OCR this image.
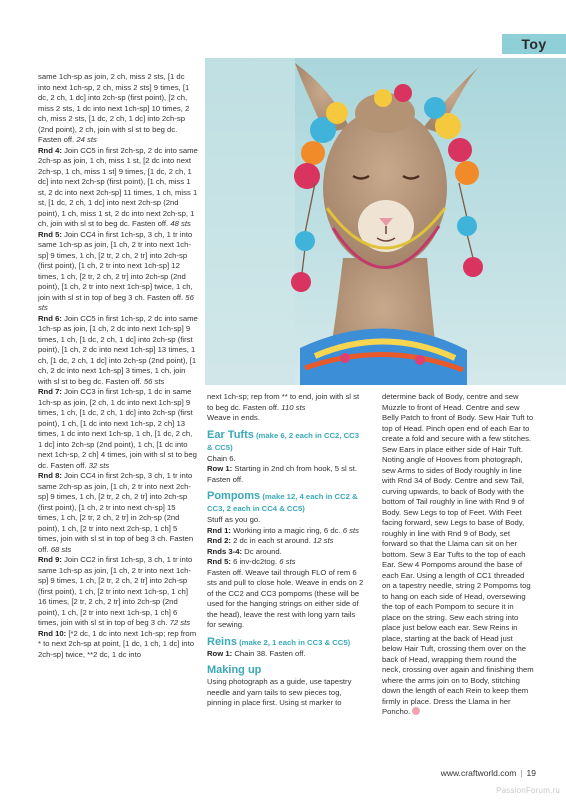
Toy

same 1ch-sp as join, 2 ch, miss 2 sts, [1 dc into next 1ch-sp, 2 ch, miss 2 sts] 9 times, [1 dc, 2 ch, 1 dc] into 2ch-sp (first point), [2 ch, miss 2 sts, 1 dc into next 1ch-sp] 10 times, 2 ch, miss 2 sts, [1 dc, 2 ch, 1 dc] into 2ch-sp (2nd point), 2 ch, join with sl st to beg dc. Fasten off. 24 sts

Rnd 4: Join CC5 in first 2ch-sp, 2 dc into same 2ch-sp as join, 1 ch, miss 1 st, [2 dc into next 2ch-sp, 1 ch, miss 1 st] 9 times, [1 dc, 2 ch, 1 dc] into next 2ch-sp (first point), [1 ch, miss 1 st, 2 dc into next 2ch-sp] 11 times, 1 ch, miss 1 st, [1 dc, 2 ch, 1 dc] into next 2ch-sp (2nd point), 1 ch, miss 1 st, 2 dc into next 2ch-sp, 1 ch, join with sl st to beg dc. Fasten off. 48 sts

Rnd 5: Join CC4 in first 1ch-sp, 3 ch, 1 tr into same 1ch-sp as join, [1 ch, 2 tr into next 1ch-sp] 9 times, 1 ch, [2 tr, 2 ch, 2 tr] into 2ch-sp (first point), [1 ch, 2 tr into next 1ch-sp] 12 times, 1 ch, [2 tr, 2 ch, 2 tr] into 2ch-sp (2nd point), [1 ch, 2 tr into next 1ch-sp] twice, 1 ch, join with sl st in top of beg 3 ch. Fasten off. 56 sts

Rnd 6: Join CC5 in first 1ch-sp, 2 dc into same 1ch-sp as join, [1 ch, 2 dc into next 1ch-sp] 9 times, 1 ch, [1 dc, 2 ch, 1 dc] into 2ch-sp (first point), [1 ch, 2 dc into next 1ch-sp] 13 times, 1 ch, [1 dc, 2 ch, 1 dc] into 2ch-sp (2nd point), [1 ch, 2 dc into next 1ch-sp] 3 times, 1 ch, join with sl st to beg dc. Fasten off. 56 sts

Rnd 7: Join CC3 in first 1ch-sp, 1 dc in same 1ch-sp as join, [2 ch, 1 dc into next 1ch-sp] 9 times, 1 ch, [1 dc, 2 ch, 1 dc] into 2ch-sp (first point), 1 ch, [1 dc into next 1ch-sp, 2 ch] 13 times, 1 dc into next 1ch-sp, 1 ch, [1 dc, 2 ch, 1 dc] into 2ch-sp (2nd point), 1 ch, [1 dc into next 1ch-sp, 2 ch] 4 times, join with sl st to beg dc. Fasten off. 32 sts

Rnd 8: Join CC4 in first 2ch-sp, 3 ch, 1 tr into same 2ch-sp as join, [1 ch, 2 tr into next 2ch-sp] 9 times, 1 ch, [2 tr, 2 ch, 2 tr] into 2ch-sp (first point), [1 ch, 2 tr into next ch-sp] 15 times, 1 ch, [2 tr, 2 ch, 2 tr] in 2ch-sp (2nd point), 1 ch, [2 tr into next 2ch-sp, 1 ch] 5 times, join with sl st in top of beg 3 ch. Fasten off. 68 sts

Rnd 9: Join CC2 in first 1ch-sp, 3 ch, 1 tr into same 1ch-sp as join, [1 ch, 2 tr into next 1ch-sp] 9 times, 1 ch, [2 tr, 2 ch, 2 tr] into 2ch-sp (first point), 1 ch, [2 tr into next 1ch-sp, 1 ch] 16 times, [2 tr, 2 ch, 2 tr] into 2ch-sp (2nd point), 1 ch, [2 tr into next 1ch-sp, 1 ch] 6 times, join with sl st in top of beg 3 ch. 72 sts

Rnd 10: [*2 dc, 1 dc into next 1ch-sp; rep from * to next 2ch-sp at point, [1 dc, 1 ch, 1 dc] into 2ch-sp] twice, **2 dc, 1 dc into

next 1ch-sp; rep from ** to end, join with sl st to beg dc. Fasten off. 110 sts

Weave in ends.

Ear Tufts (make 6, 2 each in CC2, CC3 & CC5)

Chain 6.

Row 1: Starting in 2nd ch from hook, 5 sl st. Fasten off.

Pompoms (make 12, 4 each in CC2 & CC3, 2 each in CC4 & CC5)

Stuff as you go.

Rnd 1: Working into a magic ring, 6 dc. 6 sts

Rnd 2: 2 dc in each st around. 12 sts

Rnds 3-4: Dc around.

Rnd 5: 6 inv-dc2tog. 6 sts

Fasten off. Weave tail through FLO of rem 6 sts and pull to close hole. Weave in ends on 2 of the CC2 and CC3 pompoms (these will be used for the hanging strings on either side of the head), leave the rest with long yarn tails for sewing.

Reins (make 2, 1 each in CC3 & CC5)

Row 1: Chain 38. Fasten off.

Making up

Using photograph as a guide, use tapestry needle and yarn tails to sew pieces tog, pinning in place first. Using st marker to

determine back of Body, centre and sew Muzzle to front of Head. Centre and sew Belly Patch to front of Body. Sew Hair Tuft to top of Head. Pinch open end of each Ear to create a fold and secure with a few stitches. Sew Ears in place either side of Hair Tuft. Noting angle of Hooves from photograph, sew Arms to sides of Body roughly in line with Rnd 34 of Body. Centre and sew Tail, curving upwards, to back of Body with the bottom of Tail roughly in line with Rnd 9 of Body. Sew Legs to top of Feet. With Feet facing forward, sew Legs to base of Body, roughly in line with Rnd 9 of Body, set forward so that the Llama can sit on her bottom. Sew 3 Ear Tufts to the top of each Ear. Sew 4 Pompoms around the base of each Ear. Using a length of CC1 threaded on a tapestry needle, string 2 Pompoms tog to hang on each side of Head, oversewing the top of each Pompom to secure it in place on the string. Sew each string into place just below each ear. Sew Reins in place, starting at the back of Head just below Hair Tuft, crossing them over on the back of Head, wrapping them round the neck, crossing over again and finishing them where the arms join on to Body, stitching down the length of each Rein to keep them firmly in place. Dress the Llama in her Poncho.

www.craftworld.com | 19
PassionForum.ru
